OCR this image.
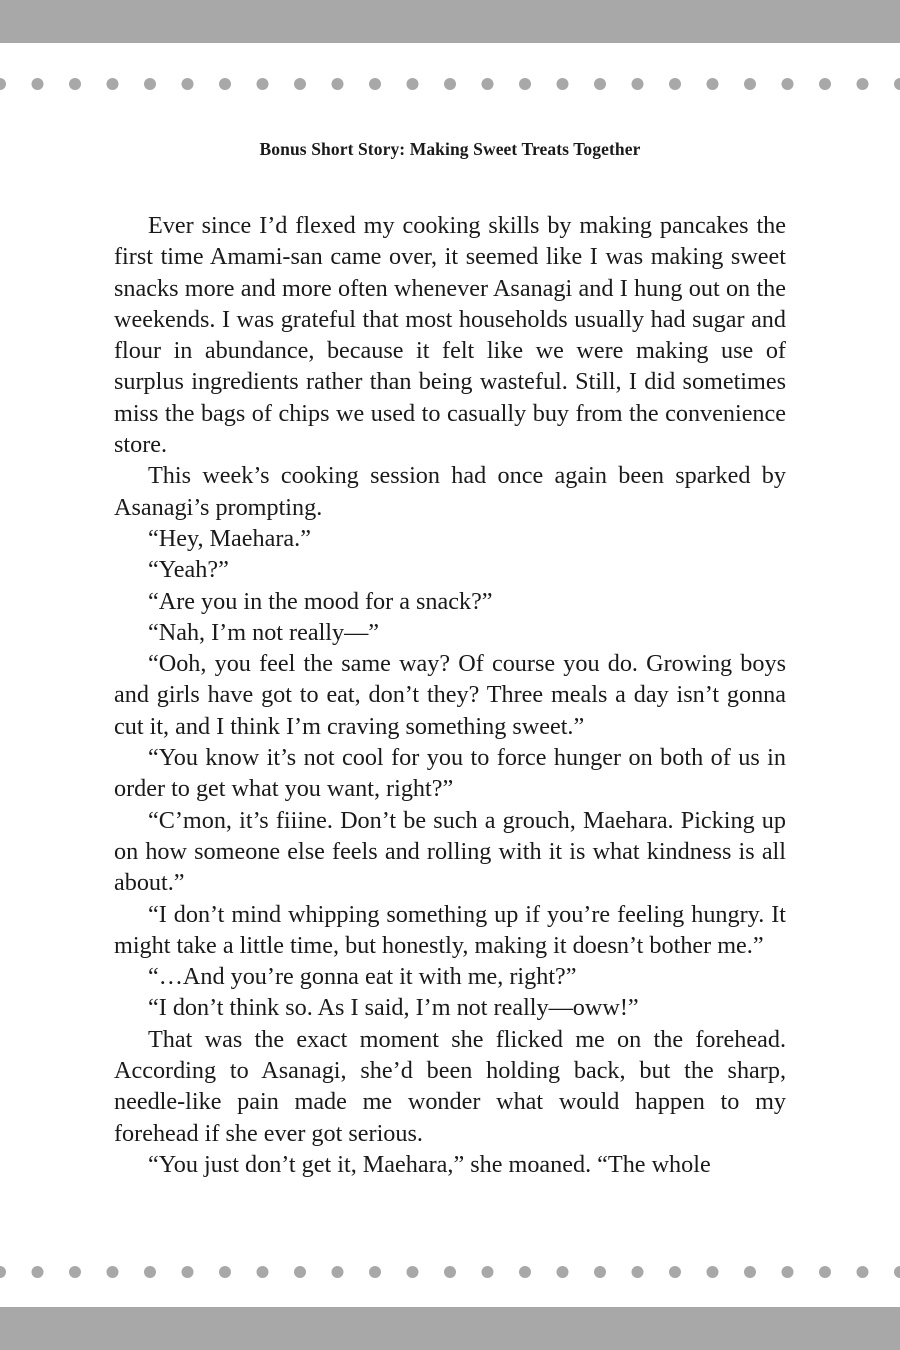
Bonus Short Story: Making Sweet Treats Together

Ever since I’d flexed my cooking skills by making pancakes the first time Amami-san came over, it seemed like I was making sweet snacks more and more often whenever Asanagi and I hung out on the weekends. I was grateful that most households usually had sugar and flour in abundance, because it felt like we were making use of surplus ingredients rather than being wasteful. Still, I did sometimes miss the bags of chips we used to casually buy from the convenience store.

This week’s cooking session had once again been sparked by Asanagi’s prompting.

“Hey, Maehara.”

“Yeah?”

“Are you in the mood for a snack?”

“Nah, I’m not really—”

“Ooh, you feel the same way? Of course you do. Growing boys and girls have got to eat, don’t they? Three meals a day isn’t gonna cut it, and I think I’m craving something sweet.”

“You know it’s not cool for you to force hunger on both of us in order to get what you want, right?”

“C’mon, it’s fiiine. Don’t be such a grouch, Maehara. Picking up on how someone else feels and rolling with it is what kindness is all about.”

“I don’t mind whipping something up if you’re feeling hungry. It might take a little time, but honestly, making it doesn’t bother me.”

“…And you’re gonna eat it with me, right?”

“I don’t think so. As I said, I’m not really—oww!”

That was the exact moment she flicked me on the forehead. According to Asanagi, she’d been holding back, but the sharp, needle-like pain made me wonder what would happen to my forehead if she ever got serious.

“You just don’t get it, Maehara,” she moaned. “The whole
